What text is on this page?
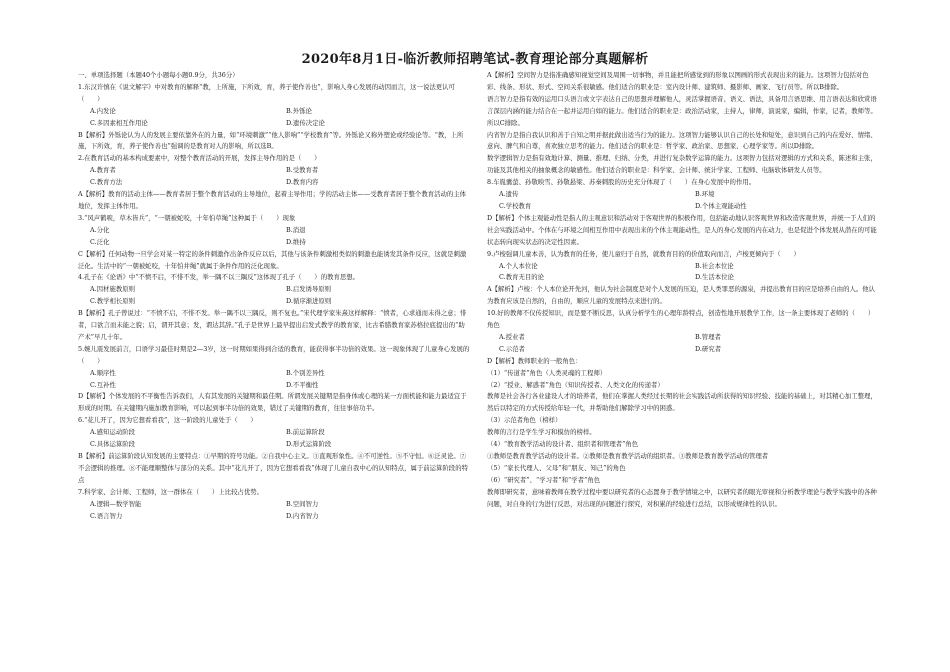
2020年8月1日-临沂教师招聘笔试-教育理论部分真题解析

一、单项选择题（本题40个小题每小题0.9分，共36分）

1.东汉许慎在《说文解字》中对教育的解释“教，上所施，下所效，育，养子使作善也”，影响人身心发展的动因而言，这一说法更认可（　　）

A.内发论	B.外铄论
C.多因素相互作用论	D.遗传决定论

B【解析】外铄论认为人的发展主要依靠外在的力量，如“环境刺激”“他人影响”“学校教育”等。外铄论又称外塑论或经验论等。“教，上所施，下所效，育，养子使作善也”强调的是教育对人的影响，所以选B。

2.在教育活动的基本构成要素中，对整个教育活动的开展，发挥主导作用的是（　　）

A.教育者	B.受教育者
C.教育方法	D.教育内容

A【解析】教育的活动主体——教育者居于整个教育活动的主导地位，起着主导作用；学的活动主体——受教育者居于整个教育活动的主体地位，发挥主体作用。

3.“风声鹤唳，草木皆兵”，“一朝被蛇咬，十年怕草绳”这种属于（　　）现象

A.分化	B.消退
C.泛化	D.维持

C【解析】任何动物一旦学会对某一特定的条件刺激作出条件反应以后，其他与该条件刺激相类似的刺激也能诱发其条件反应，这就是刺激泛化。生活中的“一朝被蛇咬，十年怕井绳”就属于条件作用的泛化现象。

4.孔子在《论语》中“不愤不启，不悱不发，举一隅不以三隅反”这体现了孔子（　　）的教育思想。

A.因材施教原则	B.启发诱导原则
C.教学相长原则	D.循序渐进原则

B【解析】孔子曾说过：“不愤不启，不悱不发。举一隅不以三隅反，则不复也。”宋代理学家朱熹这样解释：“愤者，心求通而未得之意；悱者，口欲言而未能之貌；启，谓开其意；发，谓达其辞。”孔子是世界上最早提出启发式教学的教育家，比古希腊教育家苏格拉底提出的“助产术”早几十年。

5.婉儿震发展前言，口语学习最佳时期是2—3岁，这一时期如果得到合适的教育，能获得事半功倍的效果。这一现象体现了儿童身心发展的（　　）

A.顺序性	B.个别差异性
C.互补性	D.不平衡性

D【解析】个体发展的不平衡性告诉我们，人有其发展的关键期和最佳期。所谓发展关键期是指身体或心理的某一方面机能和能力最适宜于形成的时期。在关键期内施加教育影响，可以起到事半功倍的效果，错过了关键期的教育，往往事倍功半。

6.“花儿开了，因为它想看看我”，这一阶段的儿童处于（　　）

A.感知运动阶段	B.前运算阶段
C.具体运算阶段	D.形式运算阶段

B【解析】前运算阶段认知发展的主要特点：①早期的符号功能。②自我中心主义。③直观形象性。④不可逆性。⑤不守恒。⑥泛灵论。⑦不会逻辑的推理。⑧不能理顺整体与部分的关系。其中“花儿开了，因为它想看看我”体现了儿童自我中心的认知特点，属于前运算阶段的特点

7.科学家、会计师、工程师，这一群体在（　　）上比较占优势。

A.逻辑—数学智能	B.空间智力
C.语言智力	D.内省智力

A【解析】空间智力是指准确感知视觉空间及周围一切事物，并且能把所感觉到的形象以图画的形式表现出来的能力。这项智力包括对色彩、线条、形状、形式、空间关系很敏感。他们适合的职业是：室内设计师、建筑师、摄影师、画家、飞行员等。所以B排除。

语言智力是指有效的运用口头语言或文字表达自己的思想并理解他人，灵活掌握语音、语义、语法，具备用言语思维、用言语表达和欣赏语言深层内涵的能力结合在一起并运用自如的能力。他们适合的职业是：政治活动家，主持人，律师，演说家，编辑，作家，记者，教师等。所以C排除。

内省智力是指自我认识和善于自知之明并据此做出适当行为的能力。这项智力能够认识自己的长处和短处，意识到自己的内在爱好、情绪、意向、脾气和自尊，喜欢独立思考的能力。他们适合的职业是：哲学家、政治家、思想家、心理学家等。所以D排除。

数学逻辑智力是指有效地计算、测量、推理、归纳、分类，并进行复杂数学运算的能力。这项智力包括对逻辑的方式和关系，陈述和主张，功能及其他相关的抽象概念的敏感性。他们适合的职业是：科学家、会计师、统计学家、工程师、电脑软体研发人员等。

8.车胤囊萤、孙敬映雪、孙敬悬梁、苏秦刺股的历史充分体现了（　　）在身心发展中的作用。

A.遗传	B.环境
C.学校教育	D.个体主观能动性

D【解析】个体主观能动性是指人的主观意识和活动对于客观世界的积极作用，包括能动地认识客观世界和改造客观世界，并统一于人们的社会实践活动中。个体在与环境之间相互作用中表现出来的个体主观能动性，是人的身心发展的内在动力，也是促进个体发展从潜在的可能状态转向现实状态的决定性因素。

9.卢梭强调儿童本善，认为教育的任务，使儿童归于自然，就教育目的的价值取向而言，卢梭更倾向于（　　）

A.个人本位论	B.社会本位论
C.教育无目的论	D.生活本位论

A【解析】卢梭：个人本位论开先河，他认为社会制度是对个人发展的压迫，是人类罪恶的源泉，并提出教育目的应是培养自由的人。他认为教育应该是自然的，自由的，顺应儿童的发展特点来进行的。

10.好的教师不仅传授知识，而是要不断反思，认真分析学生的心理年龄特点，创造性地开展教学工作，这一条主要体现了老师的（　　）角色

A.授业者	B.管理者
C.示范者	D.研究者

D【解析】教师职业的一般角色：

（1）“传道者”角色（人类灵魂的工程师）

（2）“授业、解惑者”角色（知识传授者、人类文化的传递者）

教师是社会各行各业建设人才的培养者，他们在掌握人类经过长期的社会实践活动所获得的知识经验、技能的基础上，对其精心加工整理，然后以特定的方式传授给年轻一代，并帮助他们解除学习中的困惑。

（3）示范者角色（榜样）

教师的言行是学生学习和模仿的榜样。

（4）“教育教学活动的设计者、组织者和管理者”角色

①教师是教育教学活动的设计者。②教师是教育教学活动的组织者。③教师是教育教学活动的管理者

（5）“家长代理人、父母”和“朋友、知己”的角色

（6）“研究者”、“学习者”和“学者”角色

教师即研究者，意味着教师在教学过程中要以研究者的心态置身于教学情境之中，以研究者的眼光审视和分析教学理论与教学实践中的各种问题，对自身的行为进行反思，对出现的问题进行探究，对积累的经验进行总结，以形成规律性的认识。
